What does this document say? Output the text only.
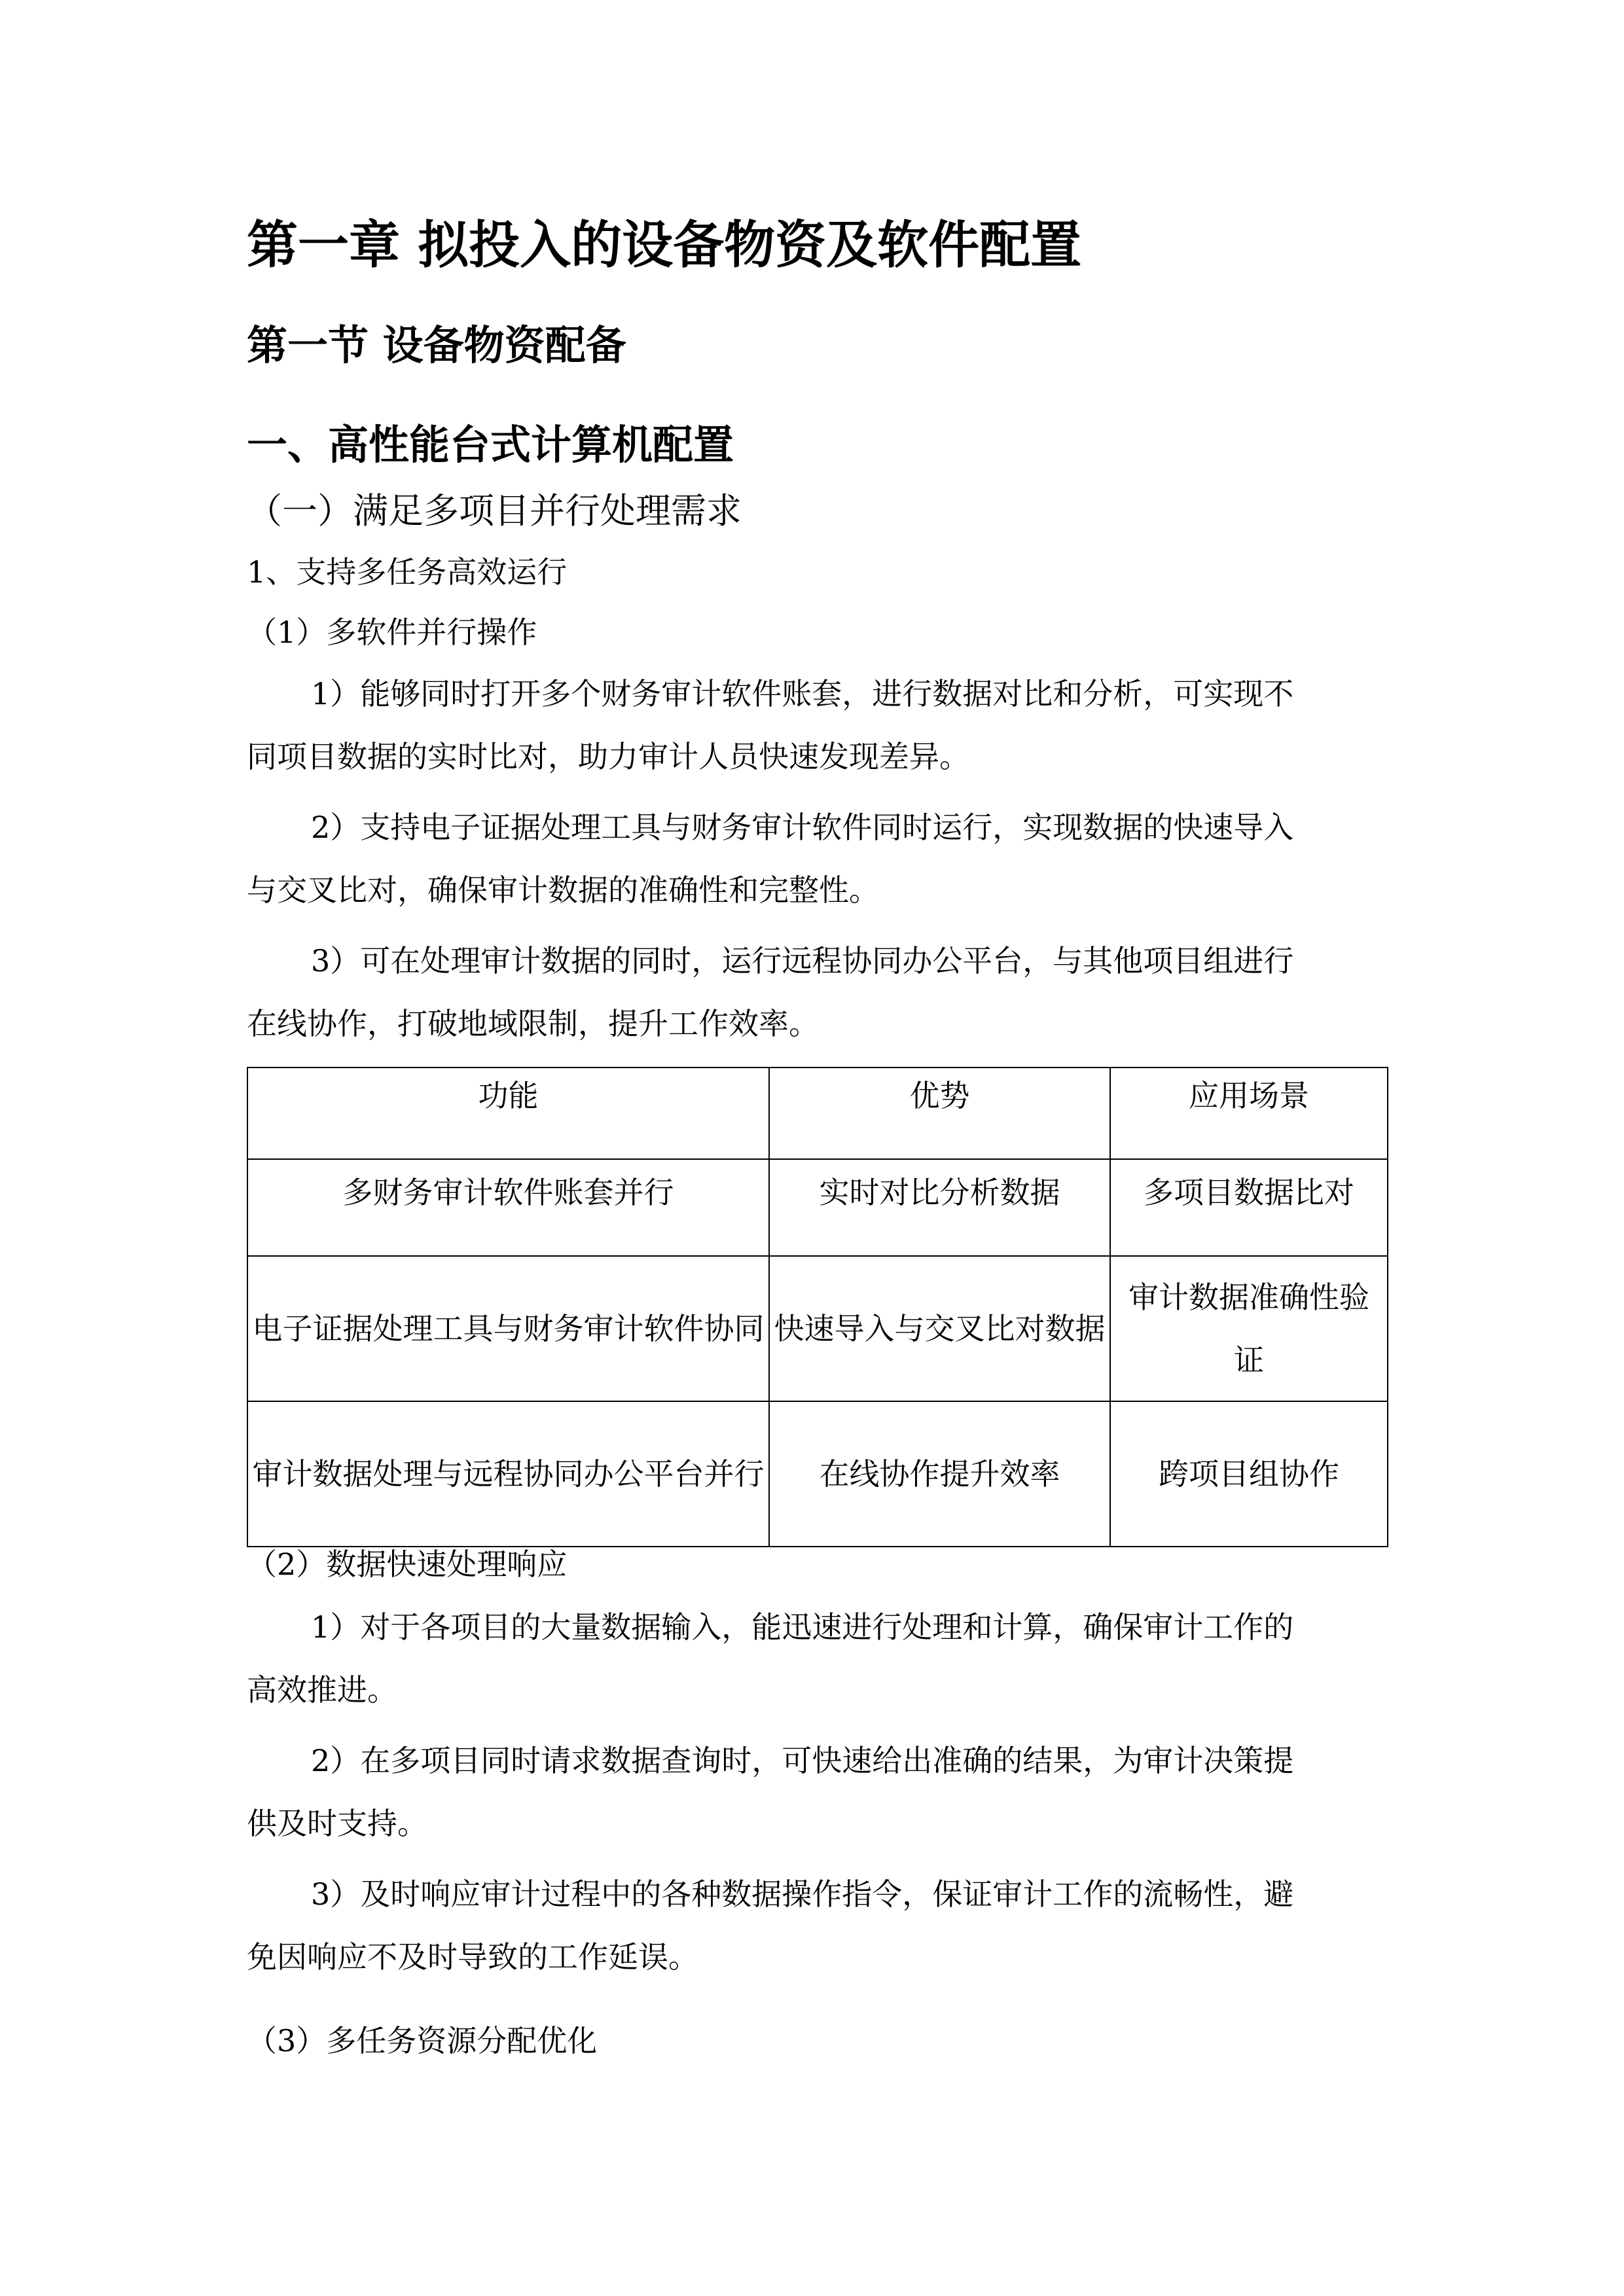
第一章 拟投入的设备物资及软件配置
第一节 设备物资配备
一、高性能台式计算机配置
（一）满足多项目并行处理需求
1、支持多任务高效运行
（1）多软件并行操作
1）能够同时打开多个财务审计软件账套，进行数据对比和分析，可实现不
同项目数据的实时比对，助力审计人员快速发现差异。
2）支持电子证据处理工具与财务审计软件同时运行，实现数据的快速导入
与交叉比对，确保审计数据的准确性和完整性。
3）可在处理审计数据的同时，运行远程协同办公平台，与其他项目组进行
在线协作，打破地域限制，提升工作效率。
功能	优势	应用场景
多财务审计软件账套并行	实时对比分析数据	多项目数据比对
电子证据处理工具与财务审计软件协同	快速导入与交叉比对数据	审计数据准确性验证
审计数据处理与远程协同办公平台并行	在线协作提升效率	跨项目组协作
（2）数据快速处理响应
1）对于各项目的大量数据输入，能迅速进行处理和计算，确保审计工作的
高效推进。
2）在多项目同时请求数据查询时，可快速给出准确的结果，为审计决策提
供及时支持。
3）及时响应审计过程中的各种数据操作指令，保证审计工作的流畅性，避
免因响应不及时导致的工作延误。
（3）多任务资源分配优化
